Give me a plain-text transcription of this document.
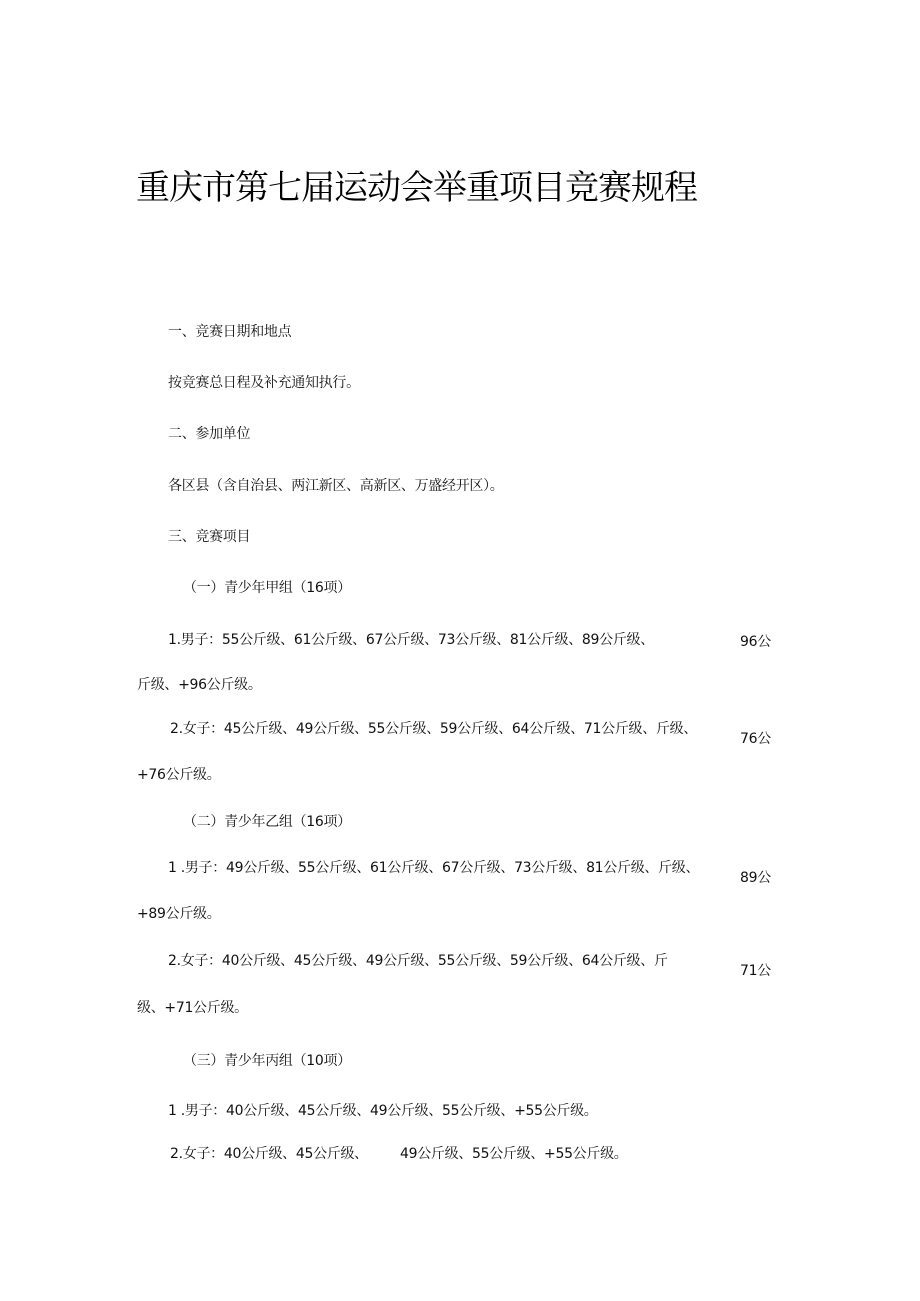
重庆市第七届运动会举重项目竞赛规程
一、竞赛日期和地点
按竞赛总日程及补充通知执行。
二、参加单位
各区县（含自治县、两江新区、高新区、万盛经开区）。
三、竞赛项目
（一）青少年甲组（16项）
1.男子：55公斤级、61公斤级、67公斤级、73公斤级、81公斤级、89公斤级、	96公
斤级、+96公斤级。
2.女子：45公斤级、49公斤级、55公斤级、59公斤级、64公斤级、71公斤级、斤级、
76公
+76公斤级。
（二）青少年乙组（16项）
1 .男子：49公斤级、55公斤级、61公斤级、67公斤级、73公斤级、81公斤级、斤级、
89公
+89公斤级。
2.女子：40公斤级、45公斤级、49公斤级、55公斤级、59公斤级、64公斤级、斤
71公
级、+71公斤级。
（三）青少年丙组（10项）
1 .男子：40公斤级、45公斤级、49公斤级、55公斤级、+55公斤级。
2.女子：40公斤级、45公斤级、 49公斤级、55公斤级、+55公斤级。
